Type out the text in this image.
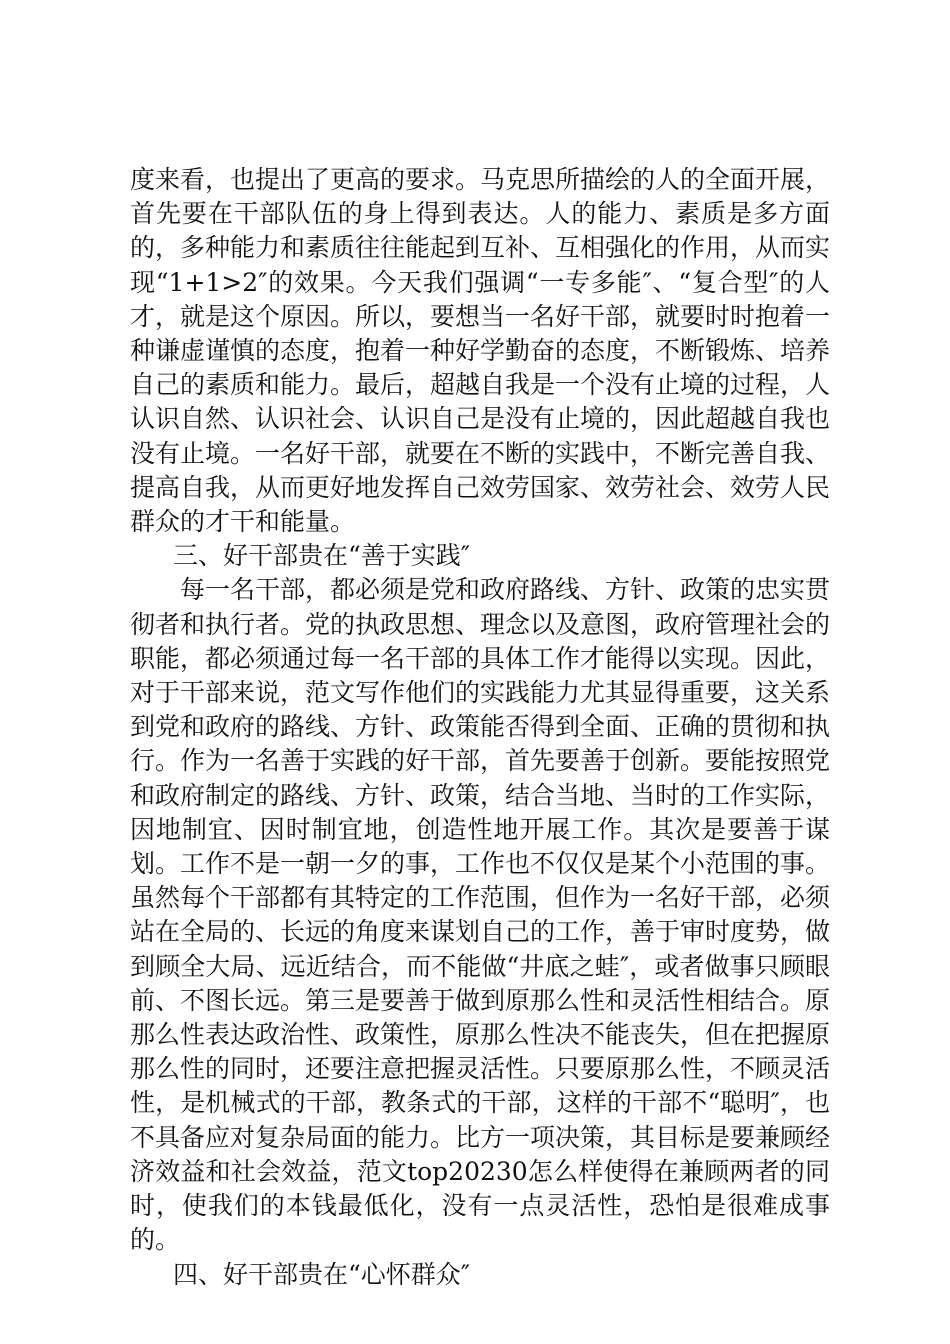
度来看，也提出了更高的要求。马克思所描绘的人的全面开展，首先要在干部队伍的身上得到表达。人的能力、素质是多方面的，多种能力和素质往往能起到互补、互相强化的作用，从而实现“1+1>2″的效果。今天我们强调“一专多能″、“复合型″的人才，就是这个原因。所以，要想当一名好干部，就要时时抱着一种谦虚谨慎的态度，抱着一种好学勤奋的态度，不断锻炼、培养自己的素质和能力。最后，超越自我是一个没有止境的过程，人认识自然、认识社会、认识自己是没有止境的，因此超越自我也没有止境。一名好干部，就要在不断的实践中，不断完善自我、提高自我，从而更好地发挥自己效劳国家、效劳社会、效劳人民群众的才干和能量。

三、好干部贵在“善于实践″

每一名干部，都必须是党和政府路线、方针、政策的忠实贯彻者和执行者。党的执政思想、理念以及意图，政府管理社会的职能，都必须通过每一名干部的具体工作才能得以实现。因此，对于干部来说，范文写作他们的实践能力尤其显得重要，这关系到党和政府的路线、方针、政策能否得到全面、正确的贯彻和执行。作为一名善于实践的好干部，首先要善于创新。要能按照党和政府制定的路线、方针、政策，结合当地、当时的工作实际，因地制宜、因时制宜地，创造性地开展工作。其次是要善于谋划。工作不是一朝一夕的事，工作也不仅仅是某个小范围的事。虽然每个干部都有其特定的工作范围，但作为一名好干部，必须站在全局的、长远的角度来谋划自己的工作，善于审时度势，做到顾全大局、远近结合，而不能做“井底之蛙″，或者做事只顾眼前、不图长远。第三是要善于做到原那么性和灵活性相结合。原那么性表达政治性、政策性，原那么性决不能丧失，但在把握原那么性的同时，还要注意把握灵活性。只要原那么性，不顾灵活性，是机械式的干部，教条式的干部，这样的干部不“聪明″，也不具备应对复杂局面的能力。比方一项决策，其目标是要兼顾经济效益和社会效益，范文top20230怎么样使得在兼顾两者的同时，使我们的本钱最低化，没有一点灵活性，恐怕是很难成事的。

四、好干部贵在“心怀群众″
